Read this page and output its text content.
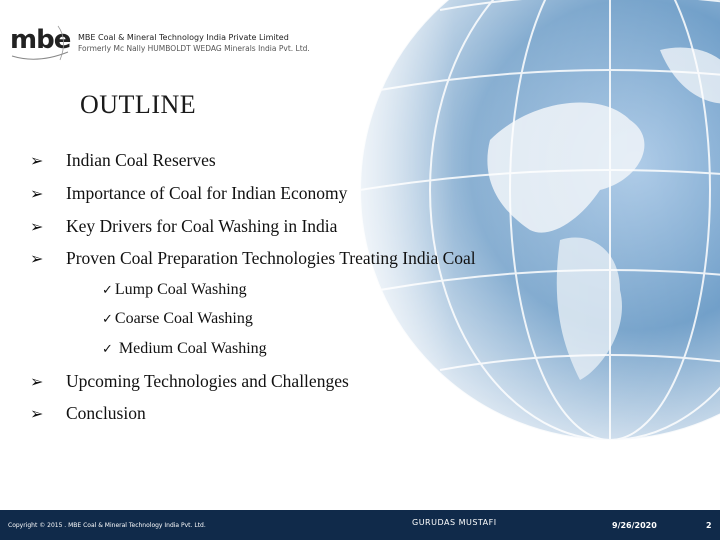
mbe MBE Coal & Mineral Technology India Private Limited
Formerly Mc Nally HUMBOLDT WEDAG Minerals India Pvt. Ltd.
OUTLINE
➢ Indian Coal Reserves
➢ Importance of Coal for Indian Economy
➢ Key Drivers for Coal Washing in India
➢ Proven Coal Preparation Technologies Treating India Coal
✓ Lump Coal Washing
✓ Coarse Coal Washing
✓ Medium Coal Washing
➢ Upcoming Technologies and Challenges
➢ Conclusion
Copyright © 2015 . MBE Coal & Mineral Technology India Pvt. Ltd.	GURUDAS MUSTAFI	9/26/2020	2
